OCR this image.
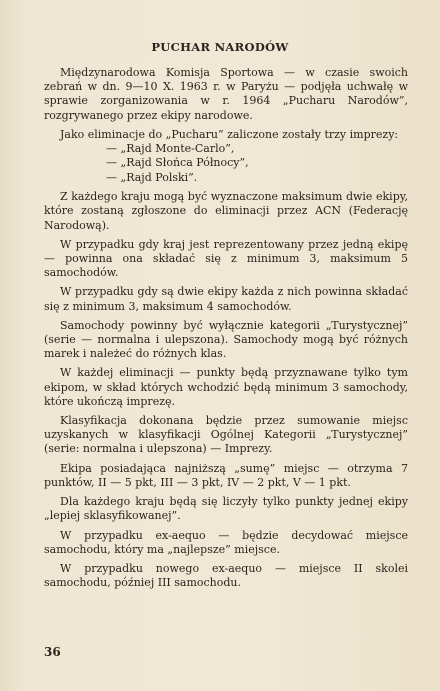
PUCHAR NARODÓW

Międzynarodowa Komisja Sportowa — w czasie swoich zebrań w dn. 9—10 X. 1963 r. w Paryżu — podjęła uchwałę w sprawie zorganizowania w r. 1964 „Pucharu Narodów”, rozgrywanego przez ekipy narodowe.

Jako eliminacje do „Pucharu” zaliczone zostały trzy imprezy:

— „Rajd Monte-Carlo”,
— „Rajd Słońca Północy”,
— „Rajd Polski”.

Z każdego kraju mogą być wyznaczone maksimum dwie ekipy, które zostaną zgłoszone do eliminacji przez ACN (Federację Narodową).

W przypadku gdy kraj jest reprezentowany przez jedną ekipę — powinna ona składać się z minimum 3, maksimum 5 samochodów.

W przypadku gdy są dwie ekipy każda z nich powinna składać się z minimum 3, maksimum 4 samochodów.

Samochody powinny być wyłącznie kategorii „Turystycznej” (serie — normalna i ulepszona). Samochody mogą być różnych marek i należeć do różnych klas.

W każdej eliminacji — punkty będą przyznawane tylko tym ekipom, w skład których wchodzić będą minimum 3 samochody, które ukończą imprezę.

Klasyfikacja dokonana będzie przez sumowanie miejsc uzyskanych w klasyfikacji Ogólnej Kategorii „Turystycznej” (serie: normalna i ulepszona) — Imprezy.

Ekipa posiadająca najniższą „sumę” miejsc — otrzyma 7 punktów, II — 5 pkt, III — 3 pkt, IV — 2 pkt, V — 1 pkt.

Dla każdego kraju będą się liczyły tylko punkty jednej ekipy „lepiej sklasyfikowanej”.

W przypadku ex-aequo — będzie decydować miejsce samochodu, który ma „najlepsze” miejsce.

W przypadku nowego ex-aequo — miejsce II skolei samochodu, później III samochodu.

36
